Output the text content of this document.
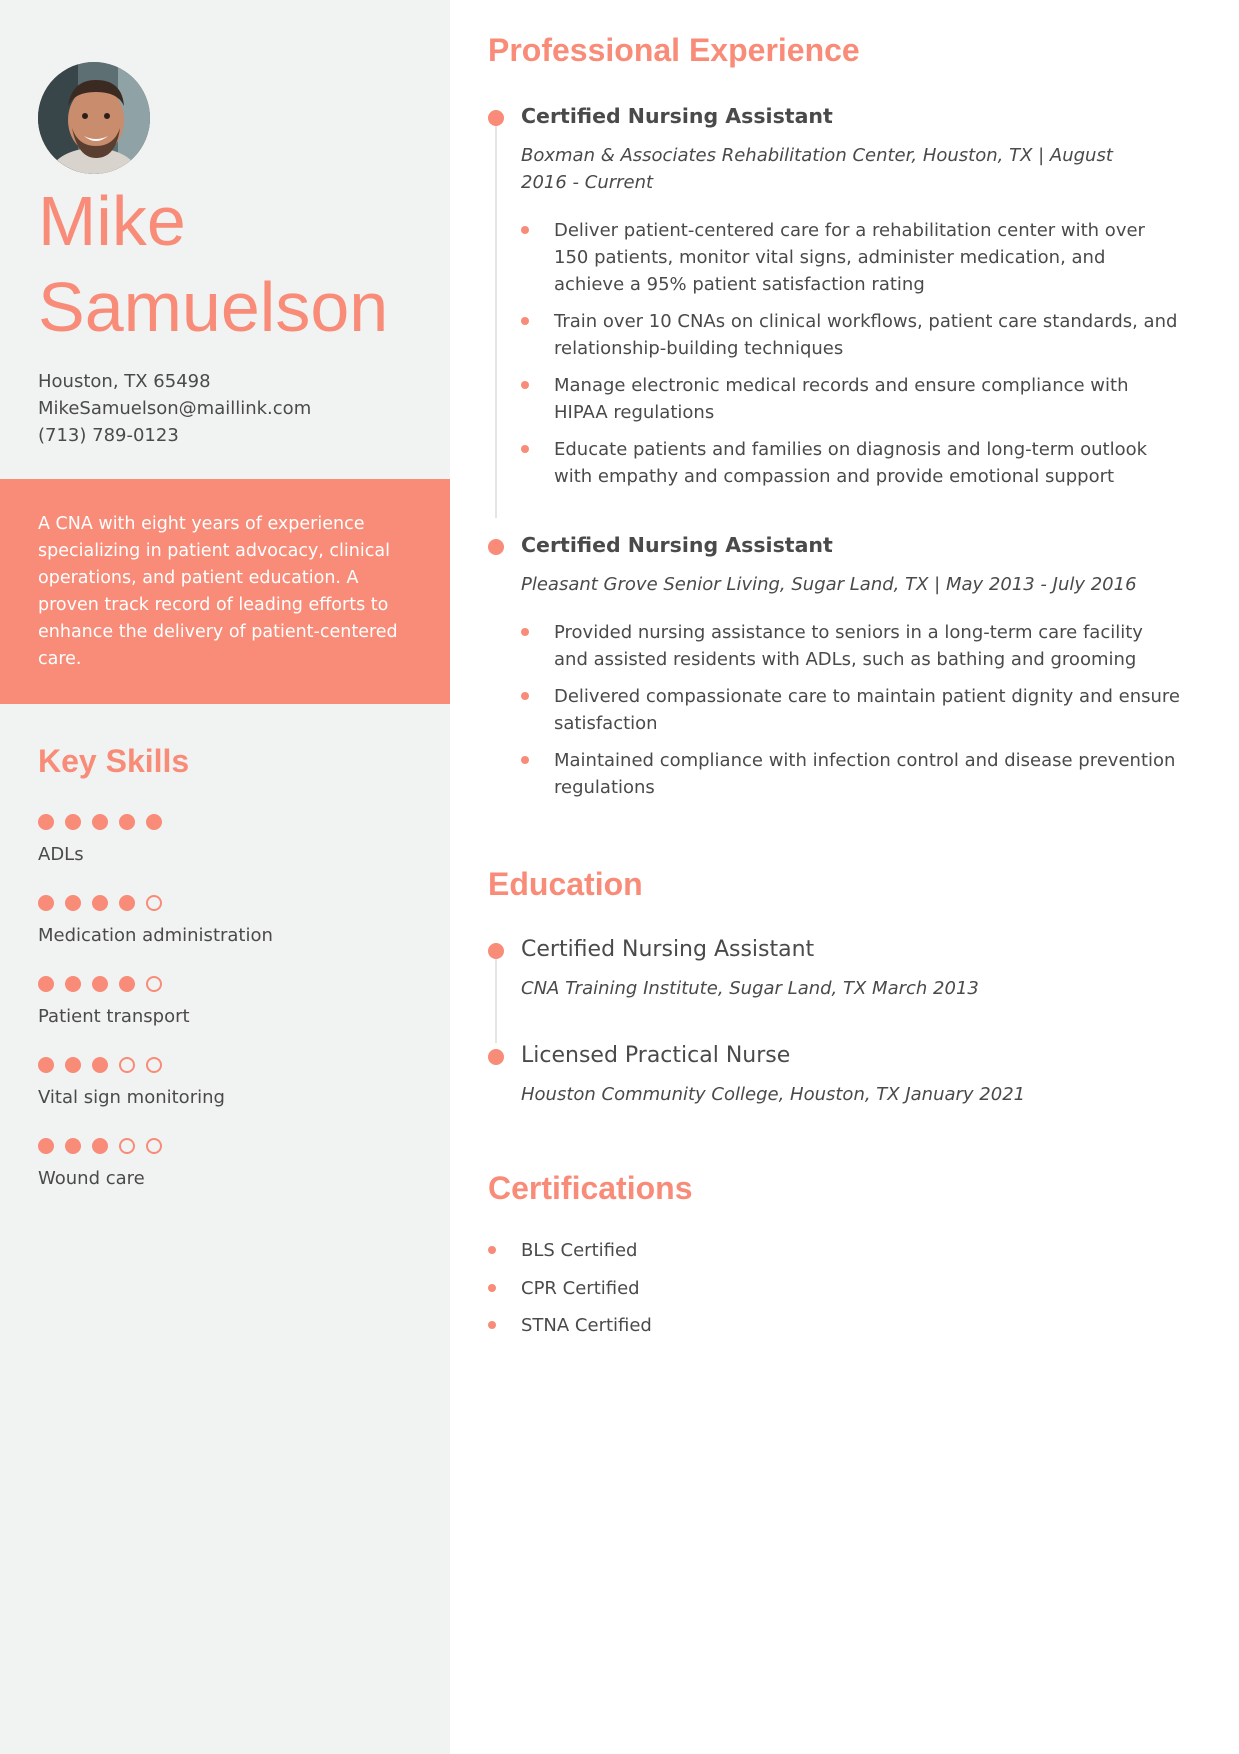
Mike
Samuelson
Houston, TX 65498
MikeSamuelson@maillink.com
(713) 789-0123

A CNA with eight years of experience specializing in patient advocacy, clinical operations, and patient education. A proven track record of leading efforts to enhance the delivery of patient-centered care.

Key Skills
ADLs
Medication administration
Patient transport
Vital sign monitoring
Wound care
Professional Experience
Certified Nursing Assistant
Boxman & Associates Rehabilitation Center, Houston, TX | August 2016 - Current
Deliver patient-centered care for a rehabilitation center with over 150 patients, monitor vital signs, administer medication, and achieve a 95% patient satisfaction rating
Train over 10 CNAs on clinical workflows, patient care standards, and relationship-building techniques
Manage electronic medical records and ensure compliance with HIPAA regulations
Educate patients and families on diagnosis and long-term outlook with empathy and compassion and provide emotional support
Certified Nursing Assistant
Pleasant Grove Senior Living, Sugar Land, TX | May 2013 - July 2016
Provided nursing assistance to seniors in a long-term care facility and assisted residents with ADLs, such as bathing and grooming
Delivered compassionate care to maintain patient dignity and ensure satisfaction
Maintained compliance with infection control and disease prevention regulations
Education
Certified Nursing Assistant
CNA Training Institute, Sugar Land, TX March 2013
Licensed Practical Nurse
Houston Community College, Houston, TX January 2021
Certifications
BLS Certified
CPR Certified
STNA Certified
